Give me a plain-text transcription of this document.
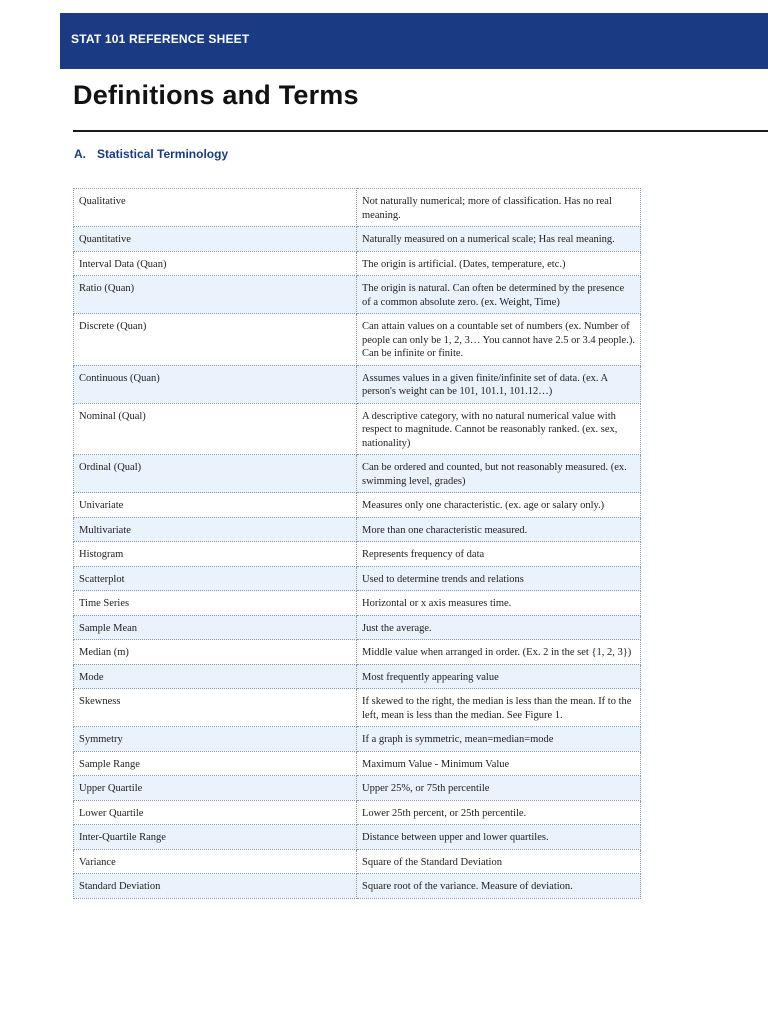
STAT 101 REFERENCE SHEET
Definitions and Terms
A. Statistical Terminology
Qualitative	Not naturally numerical; more of classification. Has no real meaning.
Quantitative	Naturally measured on a numerical scale; Has real meaning.
Interval Data (Quan)	The origin is artificial. (Dates, temperature, etc.)
Ratio (Quan)	The origin is natural. Can often be determined by the presence of a common absolute zero. (ex. Weight, Time)
Discrete (Quan)	Can attain values on a countable set of numbers (ex. Number of people can only be 1, 2, 3… You cannot have 2.5 or 3.4 people.). Can be infinite or finite.
Continuous (Quan)	Assumes values in a given finite/infinite set of data. (ex. A person's weight can be 101, 101.1, 101.12…)
Nominal (Qual)	A descriptive category, with no natural numerical value with respect to magnitude. Cannot be reasonably ranked. (ex. sex, nationality)
Ordinal (Qual)	Can be ordered and counted, but not reasonably measured. (ex. swimming level, grades)
Univariate	Measures only one characteristic. (ex. age or salary only.)
Multivariate	More than one characteristic measured.
Histogram	Represents frequency of data
Scatterplot	Used to determine trends and relations
Time Series	Horizontal or x axis measures time.
Sample Mean	Just the average.
Median (m)	Middle value when arranged in order. (Ex. 2 in the set {1, 2, 3})
Mode	Most frequently appearing value
Skewness	If skewed to the right, the median is less than the mean. If to the left, mean is less than the median. See Figure 1.
Symmetry	If a graph is symmetric, mean=median=mode
Sample Range	Maximum Value - Minimum Value
Upper Quartile	Upper 25%, or 75th percentile
Lower Quartile	Lower 25th percent, or 25th percentile.
Inter-Quartile Range	Distance between upper and lower quartiles.
Variance	Square of the Standard Deviation
Standard Deviation	Square root of the variance. Measure of deviation.
